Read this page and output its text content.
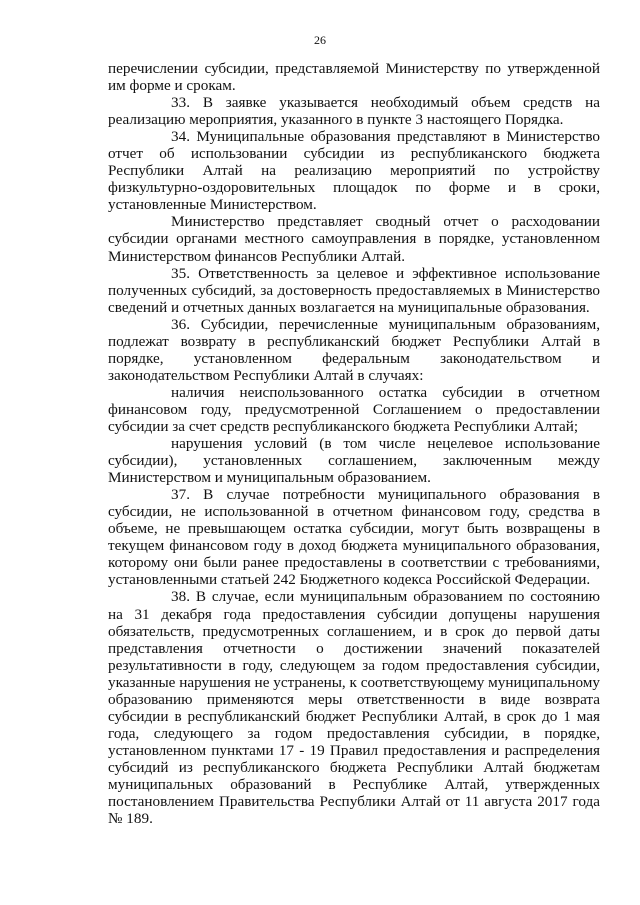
26

перечислении субсидии, представляемой Министерству по утвержденной им форме и срокам.

33. В заявке указывается необходимый объем средств на реализацию мероприятия, указанного в пункте 3 настоящего Порядка.

34. Муниципальные образования представляют в Министерство отчет об использовании субсидии из республиканского бюджета Республики Алтай на реализацию мероприятий по устройству физкультурно-оздоровительных площадок по форме и в сроки, установленные Министерством.

Министерство представляет сводный отчет о расходовании субсидии органами местного самоуправления в порядке, установленном Министерством финансов Республики Алтай.

35. Ответственность за целевое и эффективное использование полученных субсидий, за достоверность предоставляемых в Министерство сведений и отчетных данных возлагается на муниципальные образования.

36. Субсидии, перечисленные муниципальным образованиям, подлежат возврату в республиканский бюджет Республики Алтай в порядке, установленном федеральным законодательством и законодательством Республики Алтай в случаях:

наличия неиспользованного остатка субсидии в отчетном финансовом году, предусмотренной Соглашением о предоставлении субсидии за счет средств республиканского бюджета Республики Алтай;

нарушения условий (в том числе нецелевое использование субсидии), установленных соглашением, заключенным между Министерством и муниципальным образованием.

37. В случае потребности муниципального образования в субсидии, не использованной в отчетном финансовом году, средства в объеме, не превышающем остатка субсидии, могут быть возвращены в текущем финансовом году в доход бюджета муниципального образования, которому они были ранее предоставлены в соответствии с требованиями, установленными статьей 242 Бюджетного кодекса Российской Федерации.

38. В случае, если муниципальным образованием по состоянию на 31 декабря года предоставления субсидии допущены нарушения обязательств, предусмотренных соглашением, и в срок до первой даты представления отчетности о достижении значений показателей результативности в году, следующем за годом предоставления субсидии, указанные нарушения не устранены, к соответствующему муниципальному образованию применяются меры ответственности в виде возврата субсидии в республиканский бюджет Республики Алтай, в срок до 1 мая года, следующего за годом предоставления субсидии, в порядке, установленном пунктами 17 - 19 Правил предоставления и распределения субсидий из республиканского бюджета Республики Алтай бюджетам муниципальных образований в Республике Алтай, утвержденных постановлением Правительства Республики Алтай от 11 августа 2017 года № 189.
